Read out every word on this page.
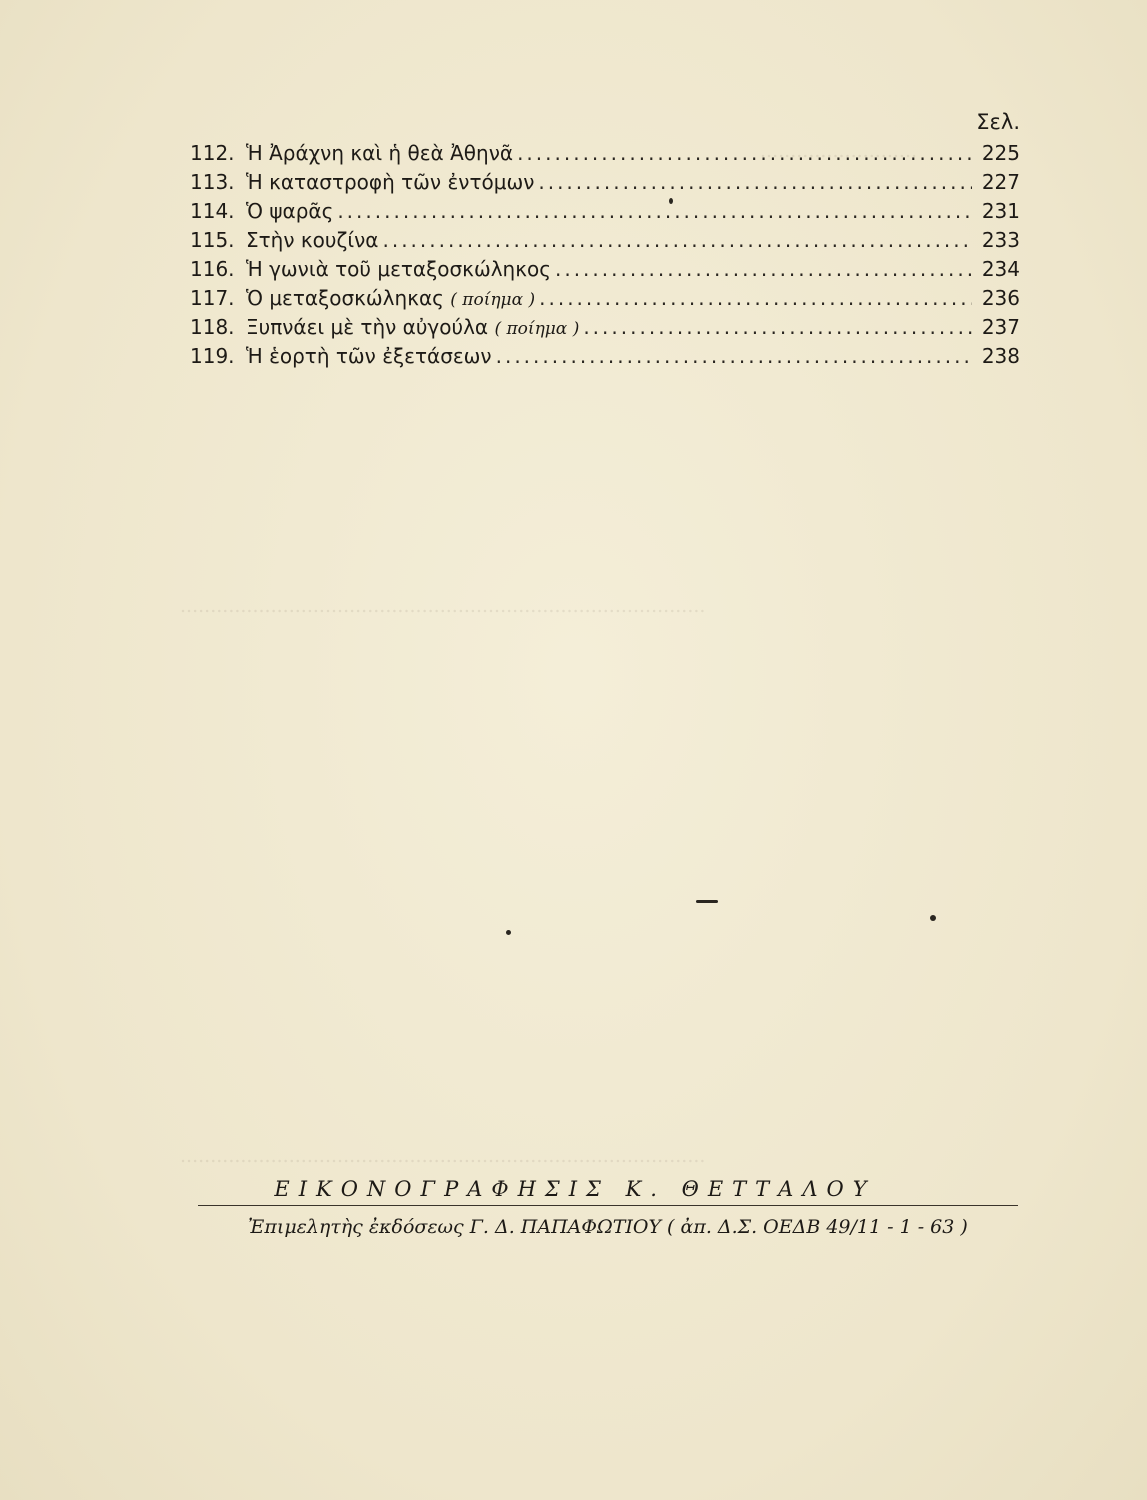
..........................
.......................................................................................
.......................................................................................
Σελ.
112. Ἡ Ἀράχνη καὶ ἡ θεὰ Ἀθηνᾶ .....	225
113. Ἡ καταστροφὴ τῶν ἐντόμων .....	227
114. Ὁ ψαρᾶς .....	231
115. Στὴν κουζίνα .....	233
116. Ἡ γωνιὰ τοῦ μεταξοσκώληκος .....	234
117. Ὁ μεταξοσκώληκας ( ποίημα ) .....	236
118. Ξυπνάει μὲ τὴν αὐγούλα ( ποίημα ) .....	237
119. Ἡ ἑορτὴ τῶν ἐξετάσεων .....	238
ΕΙΚΟΝΟΓΡΑΦΗΣΙΣ Κ. ΘΕΤΤΑΛΟΥ
Ἐπιμελητὴς ἐκδόσεως Γ. Δ. ΠΑΠΑΦΩΤΙΟΥ ( ἀπ. Δ.Σ. ΟΕΔΒ 49/11 - 1 - 63 )
